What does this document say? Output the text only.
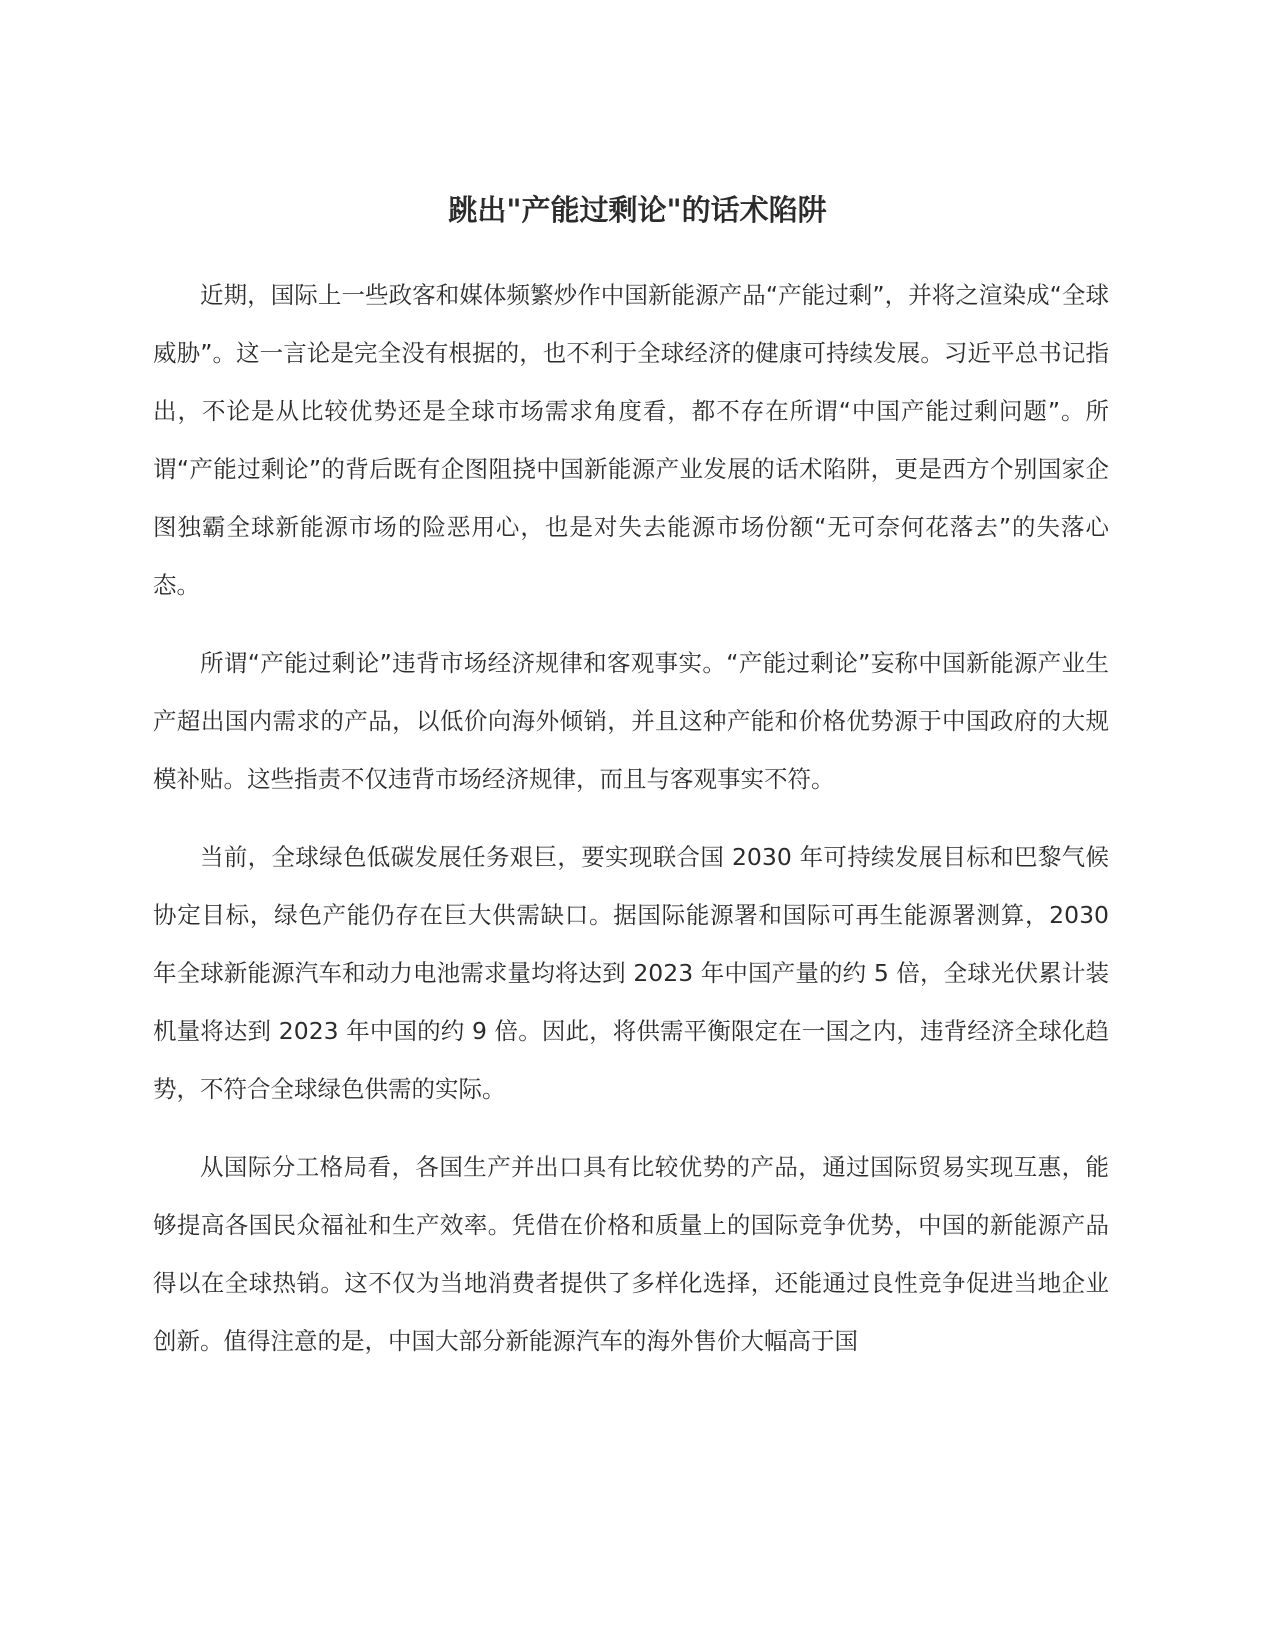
跳出"产能过剩论"的话术陷阱

近期，国际上一些政客和媒体频繁炒作中国新能源产品“产能过剩”，并将之渲染成“全球威胁”。这一言论是完全没有根据的，也不利于全球经济的健康可持续发展。习近平总书记指出，不论是从比较优势还是全球市场需求角度看，都不存在所谓“中国产能过剩问题”。所谓“产能过剩论”的背后既有企图阻挠中国新能源产业发展的话术陷阱，更是西方个别国家企图独霸全球新能源市场的险恶用心，也是对失去能源市场份额“无可奈何花落去”的失落心态。

所谓“产能过剩论”违背市场经济规律和客观事实。“产能过剩论”妄称中国新能源产业生产超出国内需求的产品，以低价向海外倾销，并且这种产能和价格优势源于中国政府的大规模补贴。这些指责不仅违背市场经济规律，而且与客观事实不符。

当前，全球绿色低碳发展任务艰巨，要实现联合国 2030 年可持续发展目标和巴黎气候协定目标，绿色产能仍存在巨大供需缺口。据国际能源署和国际可再生能源署测算，2030 年全球新能源汽车和动力电池需求量均将达到 2023 年中国产量的约 5 倍，全球光伏累计装机量将达到 2023 年中国的约 9 倍。因此，将供需平衡限定在一国之内，违背经济全球化趋势，不符合全球绿色供需的实际。

从国际分工格局看，各国生产并出口具有比较优势的产品，通过国际贸易实现互惠，能够提高各国民众福祉和生产效率。凭借在价格和质量上的国际竞争优势，中国的新能源产品得以在全球热销。这不仅为当地消费者提供了多样化选择，还能通过良性竞争促进当地企业创新。值得注意的是，中国大部分新能源汽车的海外售价大幅高于国
